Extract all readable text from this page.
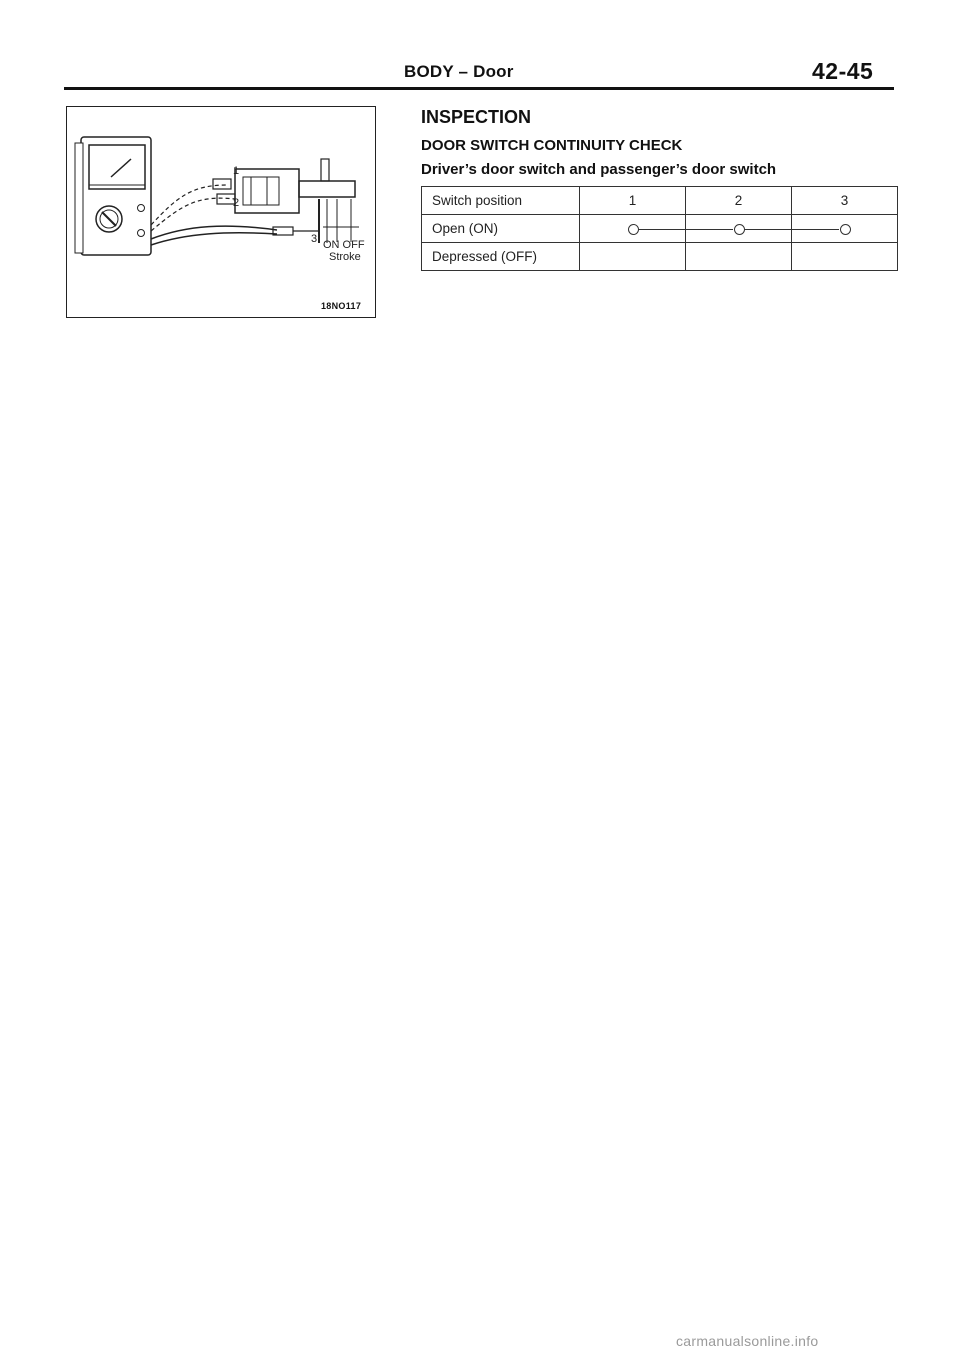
BODY – Door	42-45
1
2
3 ON OFF
Stroke
18NO117
INSPECTION
DOOR SWITCH CONTINUITY CHECK
Driver’s door switch and passenger’s door switch
Switch position	1	2	3
Open (ON)	

Depressed (OFF)			
carmanualsonline.info
